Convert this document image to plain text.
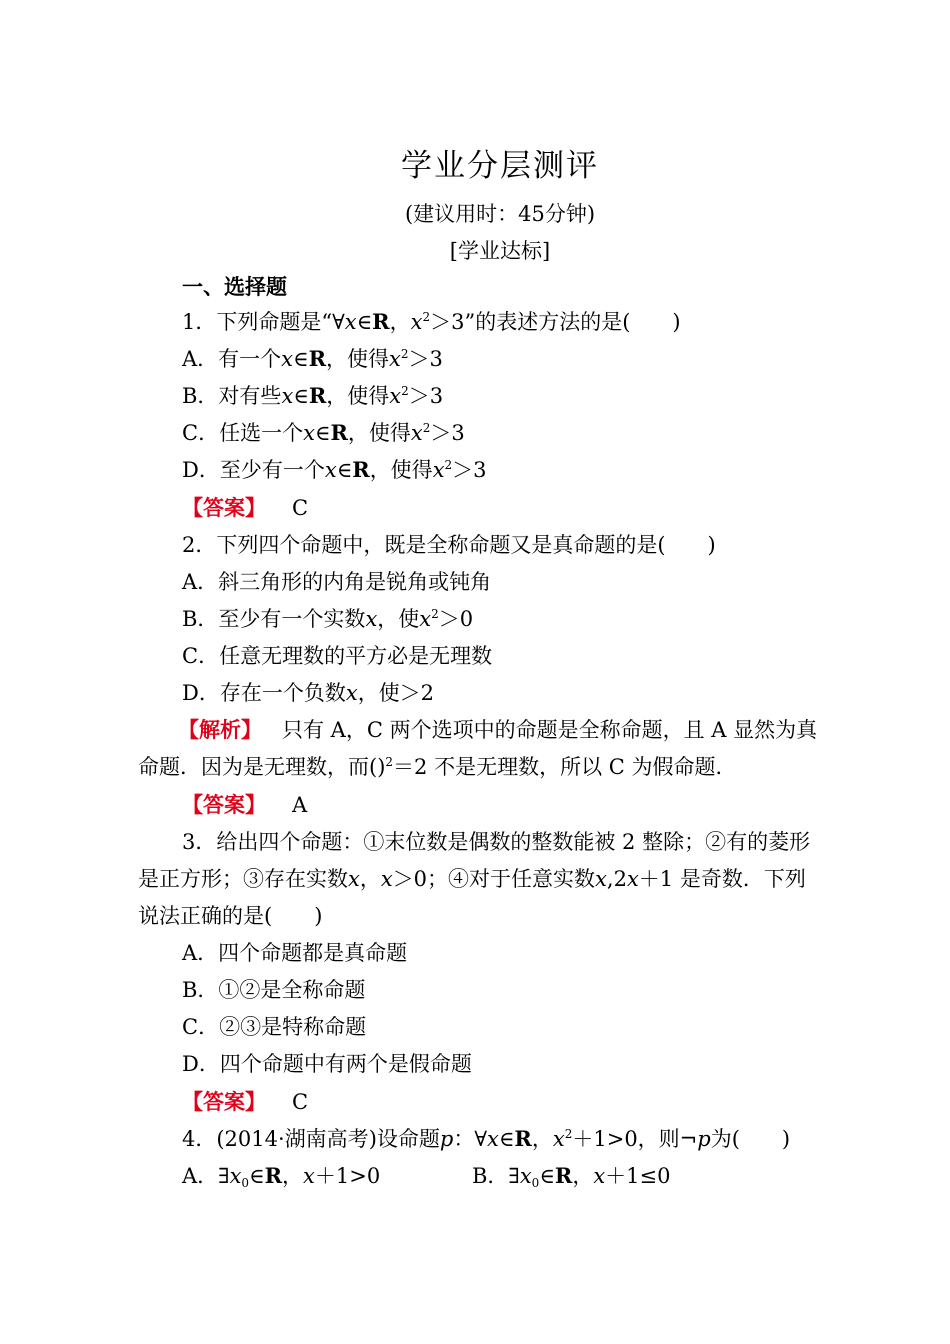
学业分层测评
(建议用时：45分钟)
[学业达标]
一、选择题
1．下列命题是“∀x∈R，$x^2>3$”的表述方法的是(　　)
A．有一个x∈R，使得$x^2>3$
B．对有些x∈R，使得$x^2>3$
C．任选一个x∈R，使得$x^2>3$
D．至少有一个x∈R，使得$x^2>3$
【答案】 C
2．下列四个命题中，既是全称命题又是真命题的是(　　)
A．斜三角形的内角是锐角或钝角
B．至少有一个实数x，使$x^2>0$
C．任意无理数的平方必是无理数
D．存在一个负数x，使＞2
【解析】 只有 A，C 两个选项中的命题是全称命题，且 A 显然为真
命题．因为是无理数，而()$^2$＝2 不是无理数，所以 C 为假命题．
【答案】 A
3．给出四个命题：①末位数是偶数的整数能被 2 整除；②有的菱形
是正方形；③存在实数x，x＞0；④对于任意实数x,2x＋1 是奇数．下列
说法正确的是(　　)
A．四个命题都是真命题
B．①②是全称命题
C．②③是特称命题
D．四个命题中有两个是假命题
【答案】 C
4．(2014·湖南高考)设命题p：∀x∈R，$x^2+1>0$，则¬p为(　　)
A．$\exists x_0\in R$，x＋1>0	B．$\exists x_0\in R$，x＋1≤0
